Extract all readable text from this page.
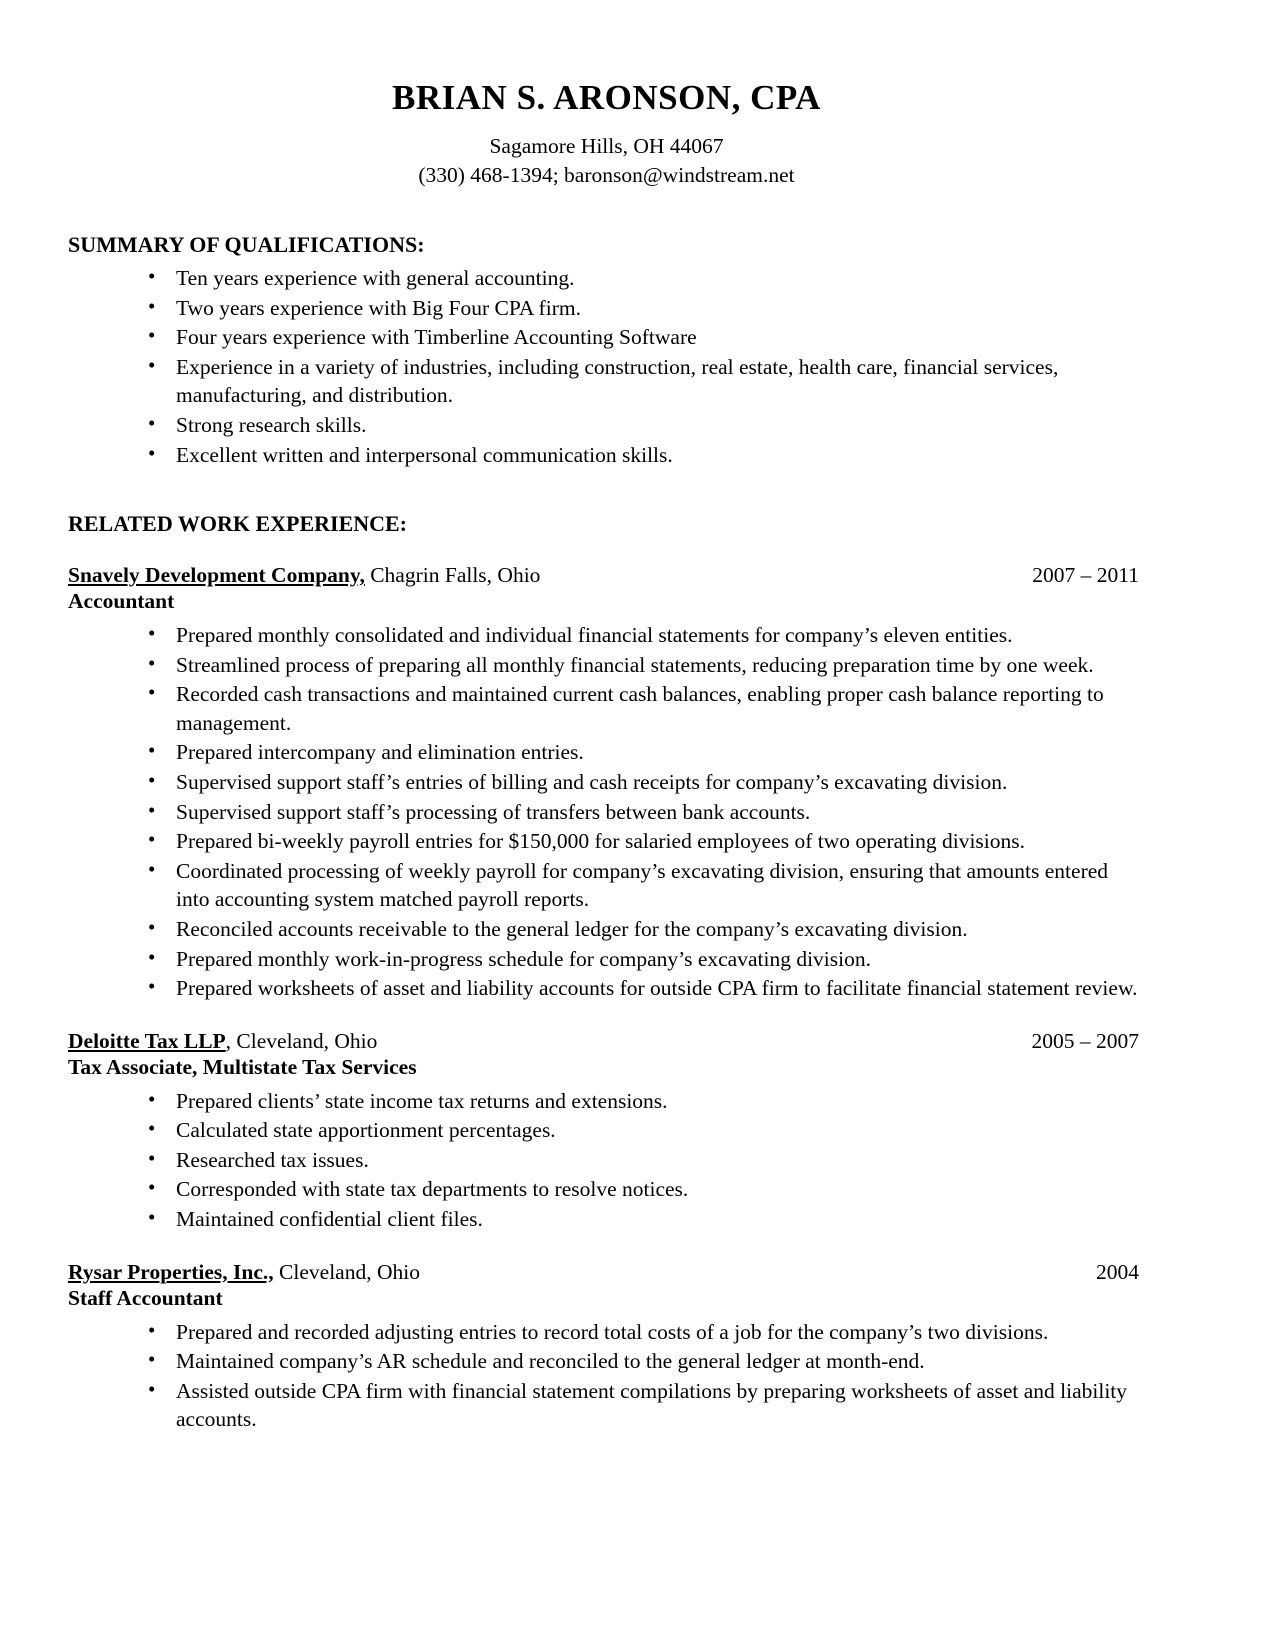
BRIAN S. ARONSON, CPA
Sagamore Hills, OH 44067
(330) 468-1394; baronson@windstream.net
SUMMARY OF QUALIFICATIONS:
• Ten years experience with general accounting.
• Two years experience with Big Four CPA firm.
• Four years experience with Timberline Accounting Software
• Experience in a variety of industries, including construction, real estate, health care, financial services, manufacturing, and distribution.
• Strong research skills.
• Excellent written and interpersonal communication skills.
RELATED WORK EXPERIENCE:
Snavely Development Company, Chagrin Falls, Ohio	2007 – 2011
Accountant
• Prepared monthly consolidated and individual financial statements for company’s eleven entities.
• Streamlined process of preparing all monthly financial statements, reducing preparation time by one week.
• Recorded cash transactions and maintained current cash balances, enabling proper cash balance reporting to management.
• Prepared intercompany and elimination entries.
• Supervised support staff’s entries of billing and cash receipts for company’s excavating division.
• Supervised support staff’s processing of transfers between bank accounts.
• Prepared bi-weekly payroll entries for $150,000 for salaried employees of two operating divisions.
• Coordinated processing of weekly payroll for company’s excavating division, ensuring that amounts entered into accounting system matched payroll reports.
• Reconciled accounts receivable to the general ledger for the company’s excavating division.
• Prepared monthly work-in-progress schedule for company’s excavating division.
• Prepared worksheets of asset and liability accounts for outside CPA firm to facilitate financial statement review.
Deloitte Tax LLP, Cleveland, Ohio	2005 – 2007
Tax Associate, Multistate Tax Services
• Prepared clients’ state income tax returns and extensions.
• Calculated state apportionment percentages.
• Researched tax issues.
• Corresponded with state tax departments to resolve notices.
• Maintained confidential client files.
Rysar Properties, Inc., Cleveland, Ohio	2004
Staff Accountant
• Prepared and recorded adjusting entries to record total costs of a job for the company’s two divisions.
• Maintained company’s AR schedule and reconciled to the general ledger at month-end.
• Assisted outside CPA firm with financial statement compilations by preparing worksheets of asset and liability accounts.
